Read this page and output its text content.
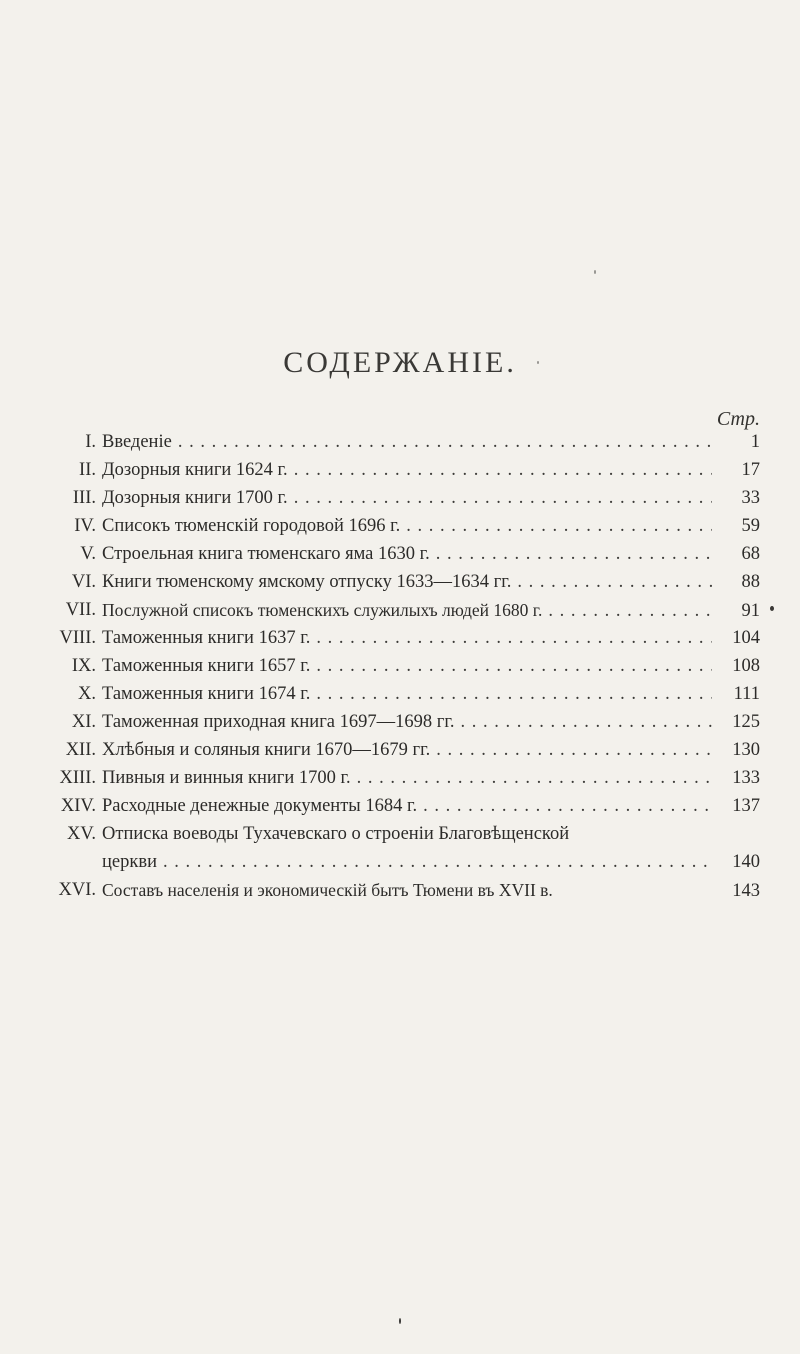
СОДЕРЖАНІЕ.
Стр.
I. Введеніе . . .	1
II. Дозорныя книги 1624 г. . . .	17
III. Дозорныя книги 1700 г. . . .	33
IV. Списокъ тюменскій городовой 1696 г. . . .	59
V. Строельная книга тюменскаго яма 1630 г. . . .	68
VI. Книги тюменскому ямскому отпуску 1633—1634 гг. . . .	88
VII. Послужной списокъ тюменскихъ служилыхъ людей 1680 г. . . .	91
VIII. Таможенныя книги 1637 г. . . .	104
IX. Таможенныя книги 1657 г. . . .	108
X. Таможенныя книги 1674 г. . . .	111
XI. Таможенная приходная книга 1697—1698 гг. . . .	125
XII. Хлѣбныя и соляныя книги 1670—1679 гг. . . .	130
XIII. Пивныя и винныя книги 1700 г. . . .	133
XIV. Расходные денежные документы 1684 г. . . .	137
XV. Отписка воеводы Тухачевскаго о строеніи Благовѣщенской
церкви . . .	140
XVI. Составъ населенія и экономическій бытъ Тюмени въ XVII в.	143
